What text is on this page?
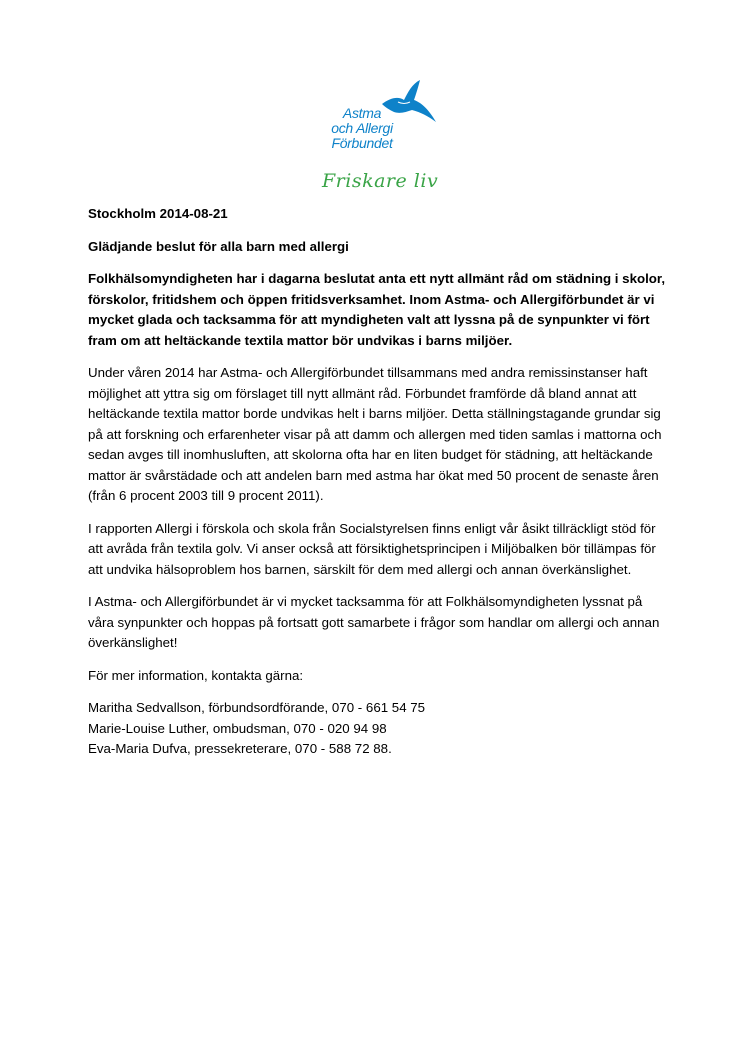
Astma
och Allergi
Förbundet
Friskare liv

Stockholm 2014-08-21

Glädjande beslut för alla barn med allergi

Folkhälsomyndigheten har i dagarna beslutat anta ett nytt allmänt råd om städning i skolor, förskolor, fritidshem och öppen fritidsverksamhet. Inom Astma- och Allergiförbundet är vi mycket glada och tacksamma för att myndigheten valt att lyssna på de synpunkter vi fört fram om att heltäckande textila mattor bör undvikas i barns miljöer.

Under våren 2014 har Astma- och Allergiförbundet tillsammans med andra remissinstanser haft möjlighet att yttra sig om förslaget till nytt allmänt råd. Förbundet framförde då bland annat att heltäckande textila mattor borde undvikas helt i barns miljöer. Detta ställningstagande grundar sig på att forskning och erfarenheter visar på att damm och allergen med tiden samlas i mattorna och sedan avges till inomhusluften, att skolorna ofta har en liten budget för städning, att heltäckande mattor är svårstädade och att andelen barn med astma har ökat med 50 procent de senaste åren (från 6 procent 2003 till 9 procent 2011).

I rapporten Allergi i förskola och skola från Socialstyrelsen finns enligt vår åsikt tillräckligt stöd för att avråda från textila golv. Vi anser också att försiktighetsprincipen i Miljöbalken bör tillämpas för att undvika hälsoproblem hos barnen, särskilt för dem med allergi och annan överkänslighet.

I Astma- och Allergiförbundet är vi mycket tacksamma för att Folkhälsomyndigheten lyssnat på våra synpunkter och hoppas på fortsatt gott samarbete i frågor som handlar om allergi och annan överkänslighet!

För mer information, kontakta gärna:

Maritha Sedvallson, förbundsordförande, 070 - 661 54 75
Marie-Louise Luther, ombudsman, 070 - 020 94 98
Eva-Maria Dufva, pressekreterare, 070 - 588 72 88.
